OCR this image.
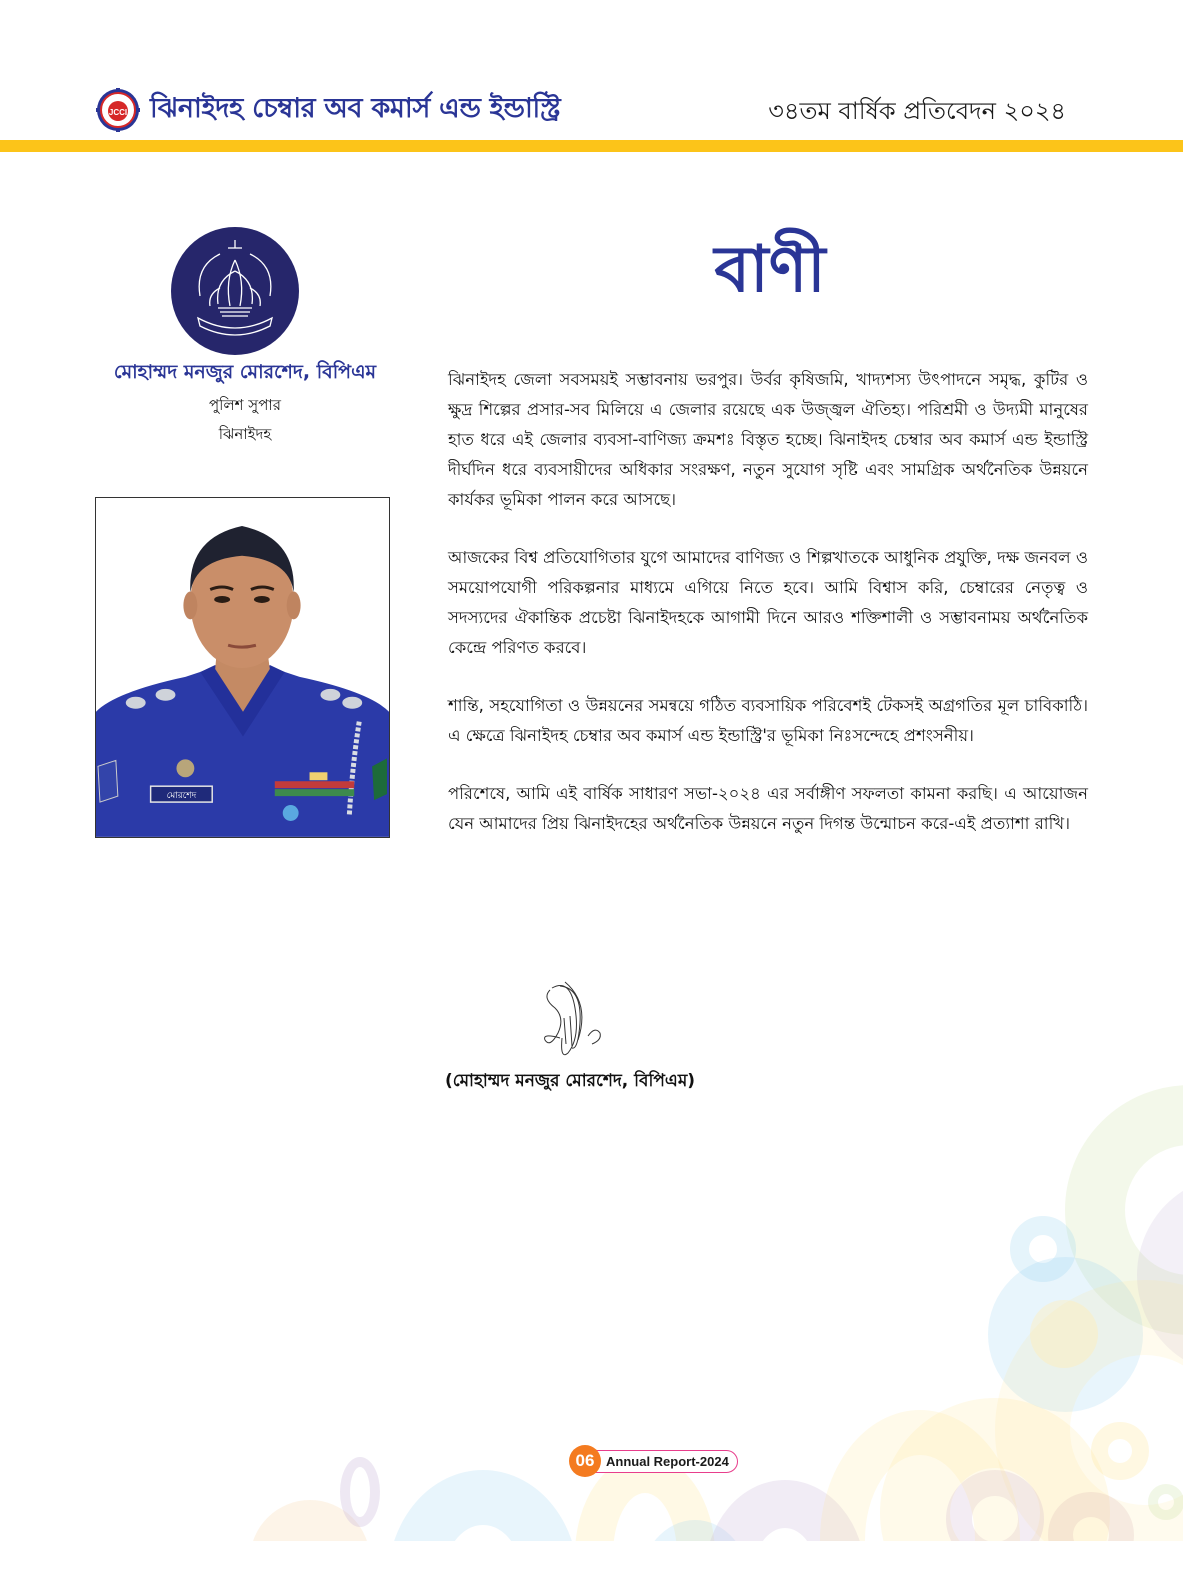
JCCI ঝিনাইদহ চেম্বার অব কমার্স এন্ড ইন্ডাস্ট্রি	৩৪তম বার্ষিক প্রতিবেদন ২০২৪
মোহাম্মদ মনজুর মোরশেদ, বিপিএম
পুলিশ সুপার
ঝিনাইদহ
মোরশেদ
বাণী

ঝিনাইদহ জেলা সবসময়ই সম্ভাবনায় ভরপুর। উর্বর কৃষিজমি, খাদ্যশস্য উৎপাদনে সমৃদ্ধ, কুটির ও ক্ষুদ্র শিল্পের প্রসার-সব মিলিয়ে এ জেলার রয়েছে এক উজ্জ্বল ঐতিহ্য। পরিশ্রমী ও উদ্যমী মানুষের হাত ধরে এই জেলার ব্যবসা-বাণিজ্য ক্রমশঃ বিস্তৃত হচ্ছে। ঝিনাইদহ চেম্বার অব কমার্স এন্ড ইন্ডাস্ট্রি দীর্ঘদিন ধরে ব্যবসায়ীদের অধিকার সংরক্ষণ, নতুন সুযোগ সৃষ্টি এবং সামগ্রিক অর্থনৈতিক উন্নয়নে কার্যকর ভূমিকা পালন করে আসছে।

আজকের বিশ্ব প্রতিযোগিতার যুগে আমাদের বাণিজ্য ও শিল্পখাতকে আধুনিক প্রযুক্তি, দক্ষ জনবল ও সময়োপযোগী পরিকল্পনার মাধ্যমে এগিয়ে নিতে হবে। আমি বিশ্বাস করি, চেম্বারের নেতৃত্ব ও সদস্যদের ঐকান্তিক প্রচেষ্টা ঝিনাইদহকে আগামী দিনে আরও শক্তিশালী ও সম্ভাবনাময় অর্থনৈতিক কেন্দ্রে পরিণত করবে।

শান্তি, সহযোগিতা ও উন্নয়নের সমন্বয়ে গঠিত ব্যবসায়িক পরিবেশই টেকসই অগ্রগতির মূল চাবিকাঠি। এ ক্ষেত্রে ঝিনাইদহ চেম্বার অব কমার্স এন্ড ইন্ডাস্ট্রি'র ভূমিকা নিঃসন্দেহে প্রশংসনীয়।

পরিশেষে, আমি এই বার্ষিক সাধারণ সভা-২০২৪ এর সর্বাঙ্গীণ সফলতা কামনা করছি। এ আয়োজন যেন আমাদের প্রিয় ঝিনাইদহের অর্থনৈতিক উন্নয়নে নতুন দিগন্ত উন্মোচন করে-এই প্রত্যাশা রাখি।

(মোহাম্মদ মনজুর মোরশেদ, বিপিএম)
06 Annual Report-2024
